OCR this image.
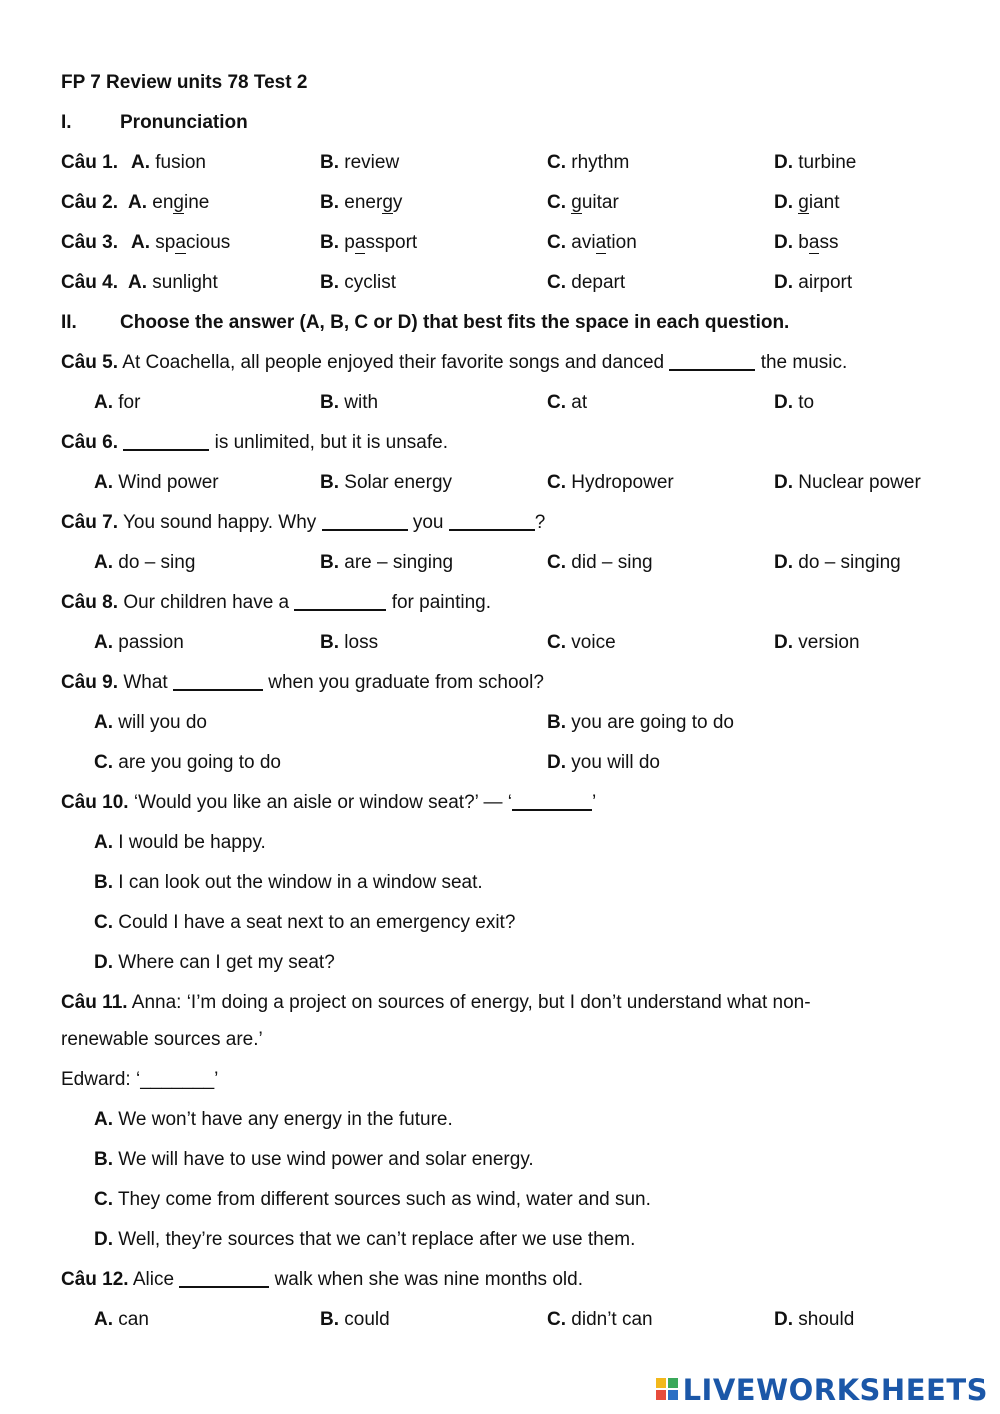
FP 7 Review units 78 Test 2
I.	Pronunciation
Câu 1. A. fusion	B. review	C. rhythm	D. turbine
Câu 2. A. engine	B. energy	C. guitar	D. giant
Câu 3. A. spacious	B. passport	C. aviation	D. bass
Câu 4. A. sunlight	B. cyclist	C. depart	D. airport
II. Choose the answer (A, B, C or D) that best fits the space in each question.
Câu 5. At Coachella, all people enjoyed their favorite songs and danced	the music.
A. for	B. with	C. at	D. to
Câu 6.	is unlimited, but it is unsafe.
A. Wind power	B. Solar energy	C. Hydropower	D. Nuclear power
Câu 7. You sound happy. Why	you	?
A. do – sing	B. are – singing	C. did – sing	D. do – singing
Câu 8. Our children have a	for painting.
A. passion	B. loss	C. voice	D. version
Câu 9. What	when you graduate from school?
A. will you do	B. you are going to do
C. are you going to do	D. you will do
Câu 10. ‘Would you like an aisle or window seat?’ — ‘	’
A. I would be happy.
B. I can look out the window in a window seat.
C. Could I have a seat next to an emergency exit?
D. Where can I get my seat?
Câu 11. Anna: ‘I’m doing a project on sources of energy, but I don’t understand what non-
renewable sources are.’
Edward: ‘_______’
A. We won’t have any energy in the future.
B. We will have to use wind power and solar energy.
C. They come from different sources such as wind, water and sun.
D. Well, they’re sources that we can’t replace after we use them.
Câu 12. Alice	walk when she was nine months old.
A. can	B. could	C. didn’t can	D. should
LIVEWORKSHEETS
